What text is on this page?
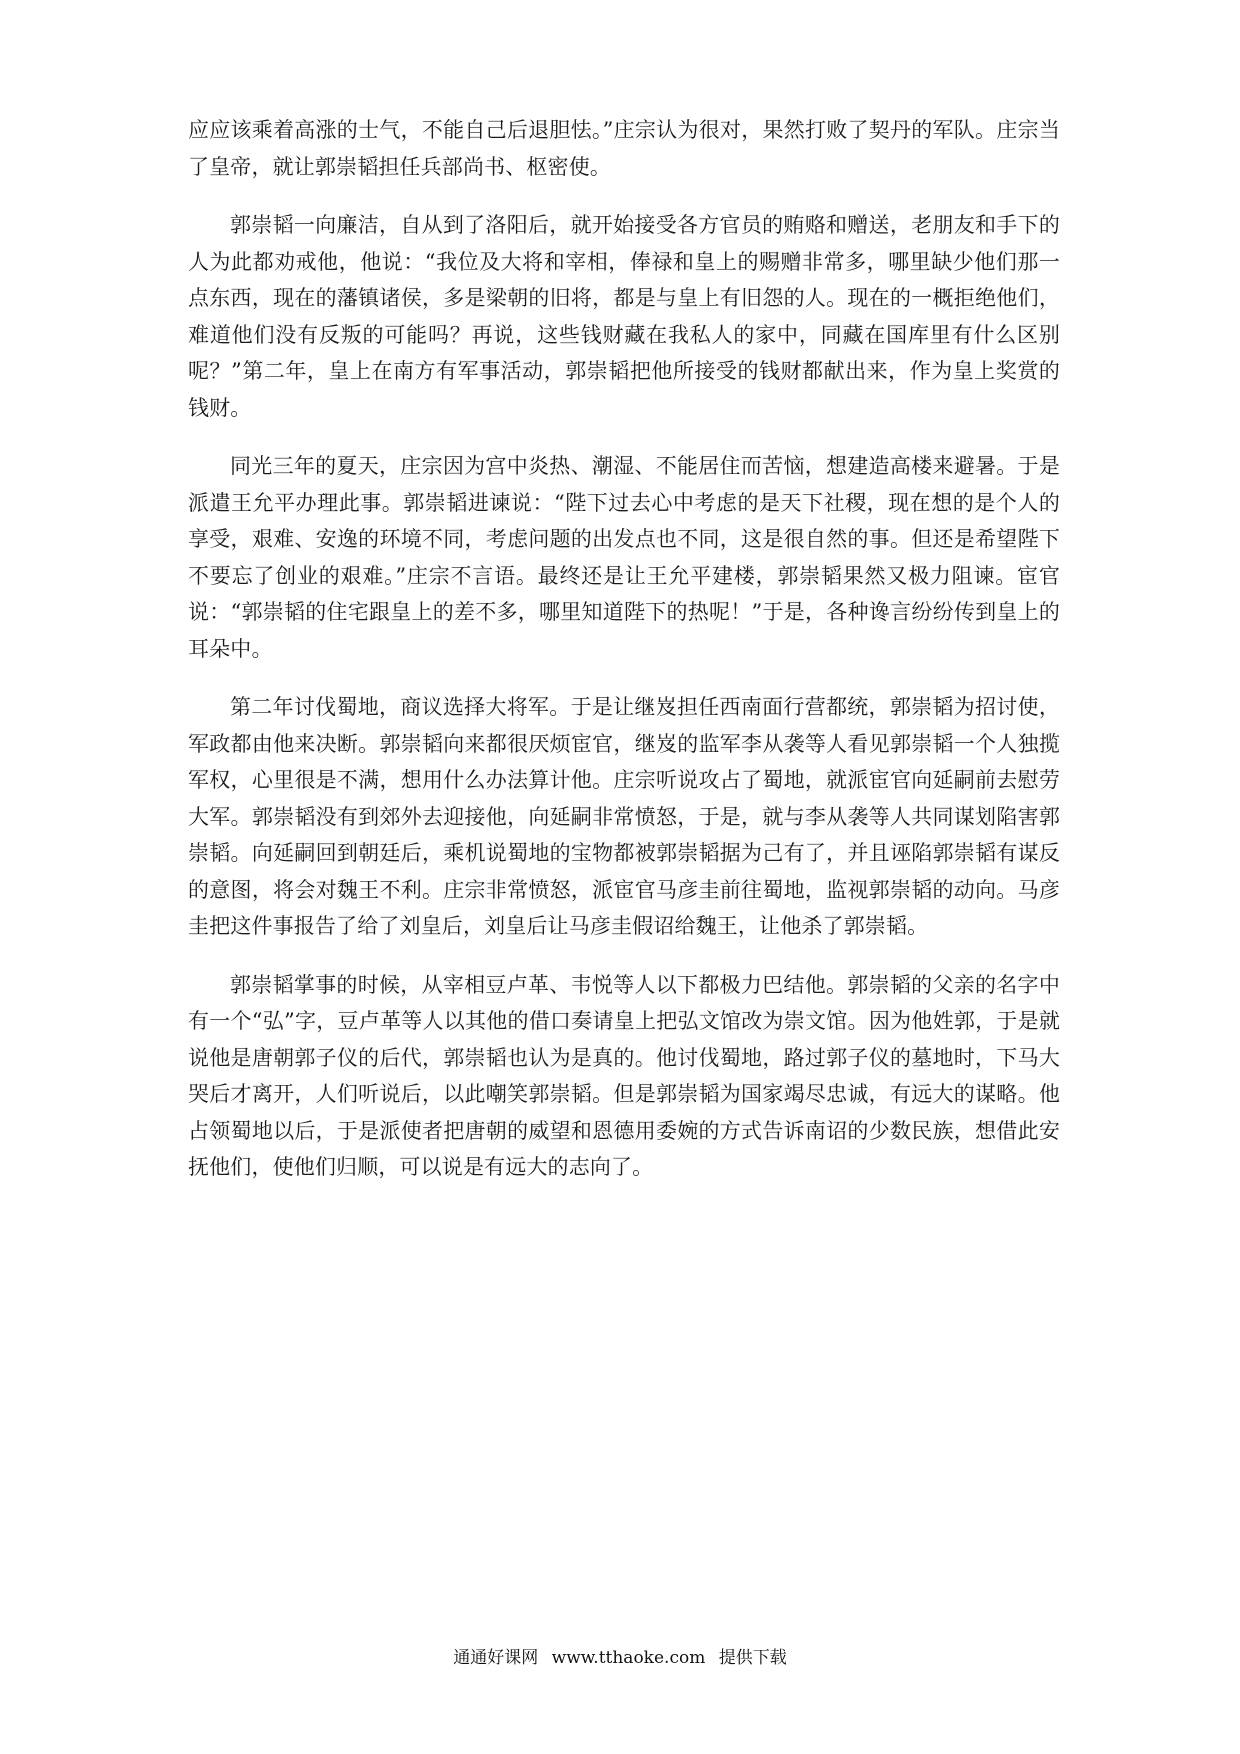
应应该乘着高涨的士气，不能自己后退胆怯。”庄宗认为很对，果然打败了契丹的军队。庄宗当了皇帝，就让郭崇韬担任兵部尚书、枢密使。

郭崇韬一向廉洁，自从到了洛阳后，就开始接受各方官员的贿赂和赠送，老朋友和手下的人为此都劝戒他，他说：“我位及大将和宰相，俸禄和皇上的赐赠非常多，哪里缺少他们那一点东西，现在的藩镇诸侯，多是梁朝的旧将，都是与皇上有旧怨的人。现在的一概拒绝他们，难道他们没有反叛的可能吗？再说，这些钱财藏在我私人的家中，同藏在国库里有什么区别呢？”第二年，皇上在南方有军事活动，郭崇韬把他所接受的钱财都献出来，作为皇上奖赏的钱财。

同光三年的夏天，庄宗因为宫中炎热、潮湿、不能居住而苦恼，想建造高楼来避暑。于是派遣王允平办理此事。郭崇韬进谏说：“陛下过去心中考虑的是天下社稷，现在想的是个人的享受，艰难、安逸的环境不同，考虑问题的出发点也不同，这是很自然的事。但还是希望陛下不要忘了创业的艰难。”庄宗不言语。最终还是让王允平建楼，郭崇韬果然又极力阻谏。宦官说：“郭崇韬的住宅跟皇上的差不多，哪里知道陛下的热呢！”于是，各种谗言纷纷传到皇上的耳朵中。

第二年讨伐蜀地，商议选择大将军。于是让继岌担任西南面行营都统，郭崇韬为招讨使，军政都由他来决断。郭崇韬向来都很厌烦宦官，继岌的监军李从袭等人看见郭崇韬一个人独揽军权，心里很是不满，想用什么办法算计他。庄宗听说攻占了蜀地，就派宦官向延嗣前去慰劳大军。郭崇韬没有到郊外去迎接他，向延嗣非常愤怒，于是，就与李从袭等人共同谋划陷害郭崇韬。向延嗣回到朝廷后，乘机说蜀地的宝物都被郭崇韬据为己有了，并且诬陷郭崇韬有谋反的意图，将会对魏王不利。庄宗非常愤怒，派宦官马彦圭前往蜀地，监视郭崇韬的动向。马彦圭把这件事报告了给了刘皇后，刘皇后让马彦圭假诏给魏王，让他杀了郭崇韬。

郭崇韬掌事的时候，从宰相豆卢革、韦悦等人以下都极力巴结他。郭崇韬的父亲的名字中有一个“弘”字，豆卢革等人以其他的借口奏请皇上把弘文馆改为崇文馆。因为他姓郭，于是就说他是唐朝郭子仪的后代，郭崇韬也认为是真的。他讨伐蜀地，路过郭子仪的墓地时，下马大哭后才离开，人们听说后，以此嘲笑郭崇韬。但是郭崇韬为国家竭尽忠诚，有远大的谋略。他占领蜀地以后，于是派使者把唐朝的威望和恩德用委婉的方式告诉南诏的少数民族，想借此安抚他们，使他们归顺，可以说是有远大的志向了。

通通好课网 www.tthaoke.com 提供下载
